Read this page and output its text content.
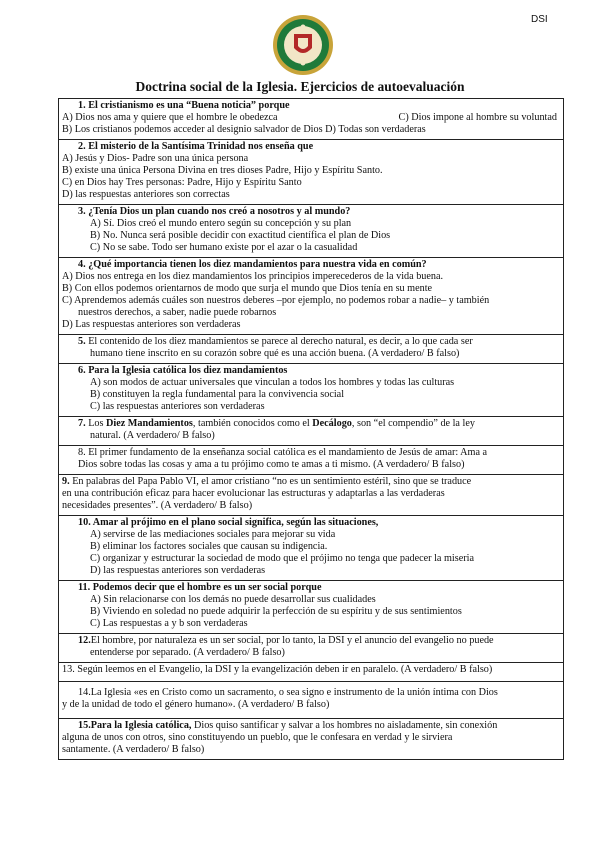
DSI
Doctrina social de la Iglesia. Ejercicios de autoevaluación
1. El cristianismo es una “Buena noticia” porque
A) Dios nos ama y quiere que el hombre le obedezca	C) Dios impone al hombre su voluntad
B) Los cristianos podemos acceder al designio salvador de Dios D) Todas son verdaderas

2. El misterio de la Santísima Trinidad nos enseña que
A) Jesús y Dios- Padre son una única persona
B) existe una única Persona Divina en tres dioses Padre, Hijo y Espíritu Santo.
C) en Dios hay Tres personas: Padre, Hijo y Espíritu Santo
D) las respuestas anteriores son correctas

3. ¿Tenía Dios un plan cuando nos creó a nosotros y al mundo?
A) Sí. Dios creó el mundo entero según su concepción y su plan
B) No. Nunca será posible decidir con exactitud científica el plan de Dios
C) No se sabe. Todo ser humano existe por el azar o la casualidad

4. ¿Qué importancia tienen los diez mandamientos para nuestra vida en común?
A) Dios nos entrega en los diez mandamientos los principios imperecederos de la vida buena.
B) Con ellos podemos orientarnos de modo que surja el mundo que Dios tenía en su mente
C) Aprendemos además cuáles son nuestros deberes –por ejemplo, no podemos robar a nadie– y también
nuestros derechos, a saber, nadie puede robarnos
D) Las respuestas anteriores son verdaderas

5. El contenido de los diez mandamientos se parece al derecho natural, es decir, a lo que cada ser
humano tiene inscrito en su corazón sobre qué es una acción buena. (A verdadero/ B falso)

6. Para la Iglesia católica los diez mandamientos
A) son modos de actuar universales que vinculan a todos los hombres y todas las culturas
B) constituyen la regla fundamental para la convivencia social
C) las respuestas anteriores son verdaderas

7. Los Diez Mandamientos, también conocidos como el Decálogo, son “el compendio” de la ley
natural. (A verdadero/ B falso)

8. El primer fundamento de la enseñanza social católica es el mandamiento de Jesús de amar: Ama a
Dios sobre todas las cosas y ama a tu prójimo como te amas a ti mismo. (A verdadero/ B falso)

9. En palabras del Papa Pablo VI, el amor cristiano “no es un sentimiento estéril, sino que se traduce
en una contribución eficaz para hacer evolucionar las estructuras y adaptarlas a las verdaderas
necesidades presentes”. (A verdadero/ B falso)

10. Amar al prójimo en el plano social significa, según las situaciones,
A) servirse de las mediaciones sociales para mejorar su vida
B) eliminar los factores sociales que causan su indigencia.
C) organizar y estructurar la sociedad de modo que el prójimo no tenga que padecer la miseria
D) las respuestas anteriores son verdaderas

11. Podemos decir que el hombre es un ser social porque
A) Sin relacionarse con los demás no puede desarrollar sus cualidades
B) Viviendo en soledad no puede adquirir la perfección de su espíritu y de sus sentimientos
C) Las respuestas a y b son verdaderas

12.El hombre, por naturaleza es un ser social, por lo tanto, la DSI y el anuncio del evangelio no puede
entenderse por separado. (A verdadero/ B falso)

13. Según leemos en el Evangelio, la DSI y la evangelización deben ir en paralelo. (A verdadero/ B falso)

14.La Iglesia «es en Cristo como un sacramento, o sea signo e instrumento de la unión íntima con Dios
y de la unidad de todo el género humano». (A verdadero/ B falso)

15.Para la Iglesia católica, Dios quiso santificar y salvar a los hombres no aisladamente, sin conexión
alguna de unos con otros, sino constituyendo un pueblo, que le confesara en verdad y le sirviera
santamente. (A verdadero/ B falso)
